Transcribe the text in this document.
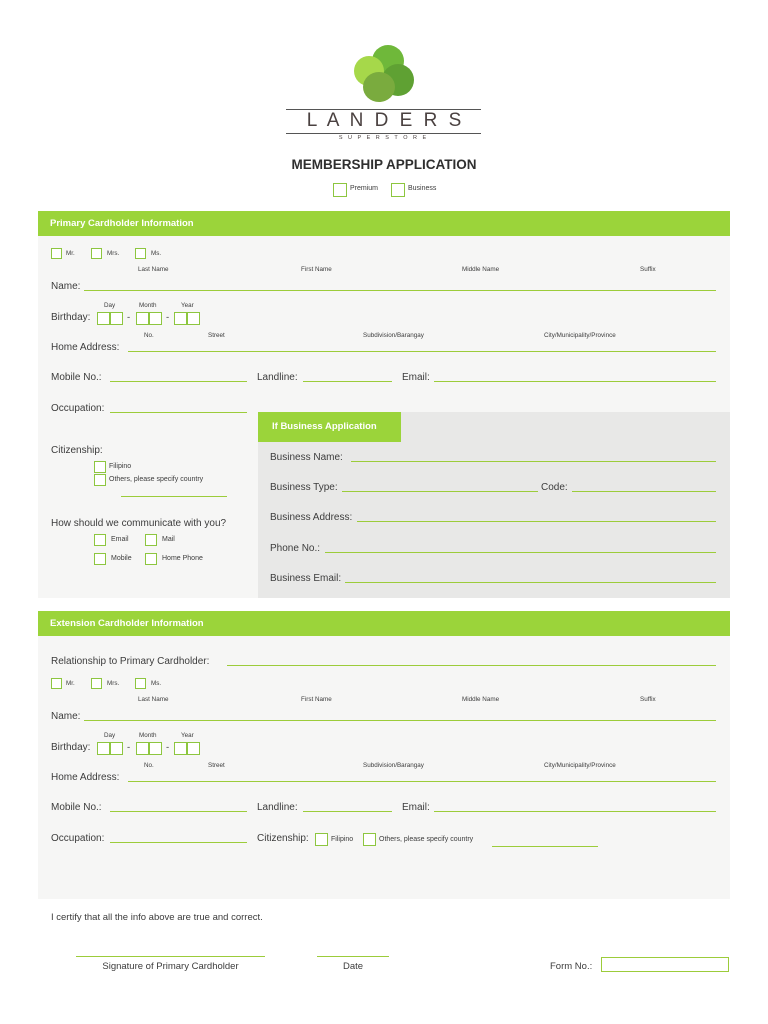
L A N D E R S
S U P E R S T O R E
MEMBERSHIP APPLICATION
Premium	Business
Primary Cardholder Information
Mr.	Mrs.	Ms.
Last Name	First Name	Middle Name	Suffix
Name:
Day	Month	Year
Birthday:	-	-
No.	Street	Subdivision/Barangay	City/Municipality/Province
Home Address:
Mobile No.:	Landline:	Email:
Occupation:
Citizenship:
Filipino
Others, please specify country
How should we communicate with you?
Email	Mail
Mobile	Home Phone
If Business Application
Business Name:
Business Type:	Code:
Business Address:
Phone No.:
Business Email:
Extension Cardholder Information
Relationship to Primary Cardholder:
Mr.	Mrs.	Ms.
Last Name	First Name	Middle Name	Suffix
Name:
Day	Month	Year
Birthday:	-	-
No.	Street	Subdivision/Barangay	City/Municipality/Province
Home Address:
Mobile No.:	Landline:	Email:
Occupation:	Citizenship:	Filipino	Others, please specify country
I certify that all the info above are true and correct.
Signature of Primary Cardholder	Date	Form No.:
